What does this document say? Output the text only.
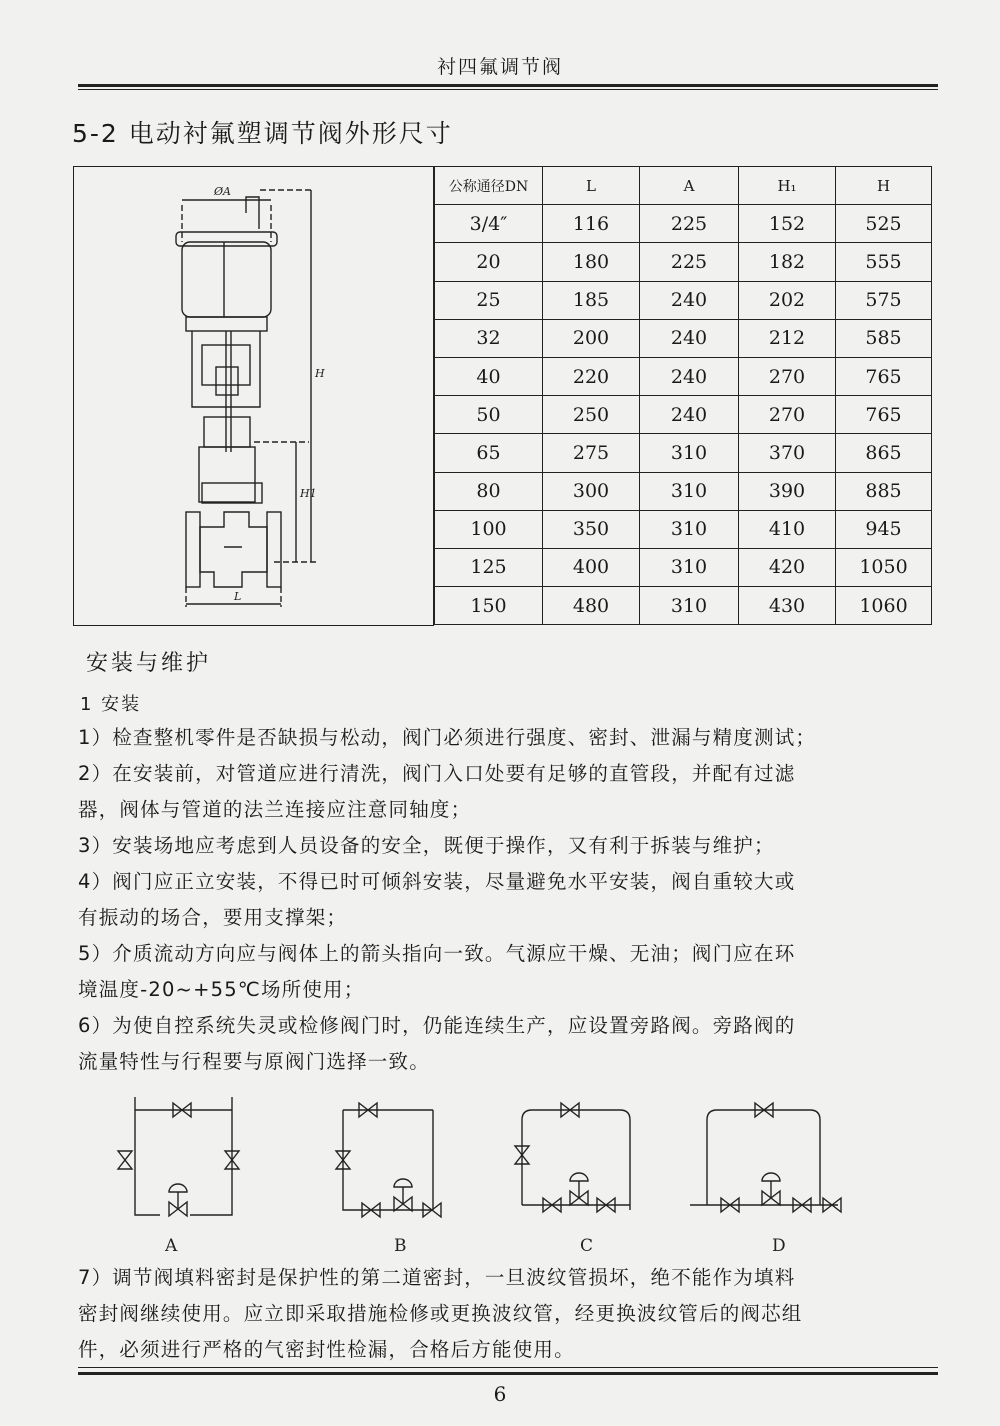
衬四氟调节阀
5-2 电动衬氟塑调节阀外形尺寸
ØA
H
H1
L
公称通径DN	L	A	H₁	H
3/4″	116	225	152	525
20	180	225	182	555
25	185	240	202	575
32	200	240	212	585
40	220	240	270	765
50	250	240	270	765
65	275	310	370	865
80	300	310	390	885
100	350	310	410	945
125	400	310	420	1050
150	480	310	430	1060
安装与维护
1 安装
1）检查整机零件是否缺损与松动，阀门必须进行强度、密封、泄漏与精度测试；
2）在安装前，对管道应进行清洗，阀门入口处要有足够的直管段，并配有过滤
器，阀体与管道的法兰连接应注意同轴度；
3）安装场地应考虑到人员设备的安全，既便于操作，又有利于拆装与维护；
4）阀门应正立安装，不得已时可倾斜安装，尽量避免水平安装，阀自重较大或
有振动的场合，要用支撑架；
5）介质流动方向应与阀体上的箭头指向一致。气源应干燥、无油；阀门应在环
境温度-20~+55℃场所使用；
6）为使自控系统失灵或检修阀门时，仍能连续生产，应设置旁路阀。旁路阀的
流量特性与行程要与原阀门选择一致。
A	B	C	D
7）调节阀填料密封是保护性的第二道密封，一旦波纹管损坏，绝不能作为填料
密封阀继续使用。应立即采取措施检修或更换波纹管，经更换波纹管后的阀芯组
件，必须进行严格的气密封性检漏，合格后方能使用。
6
